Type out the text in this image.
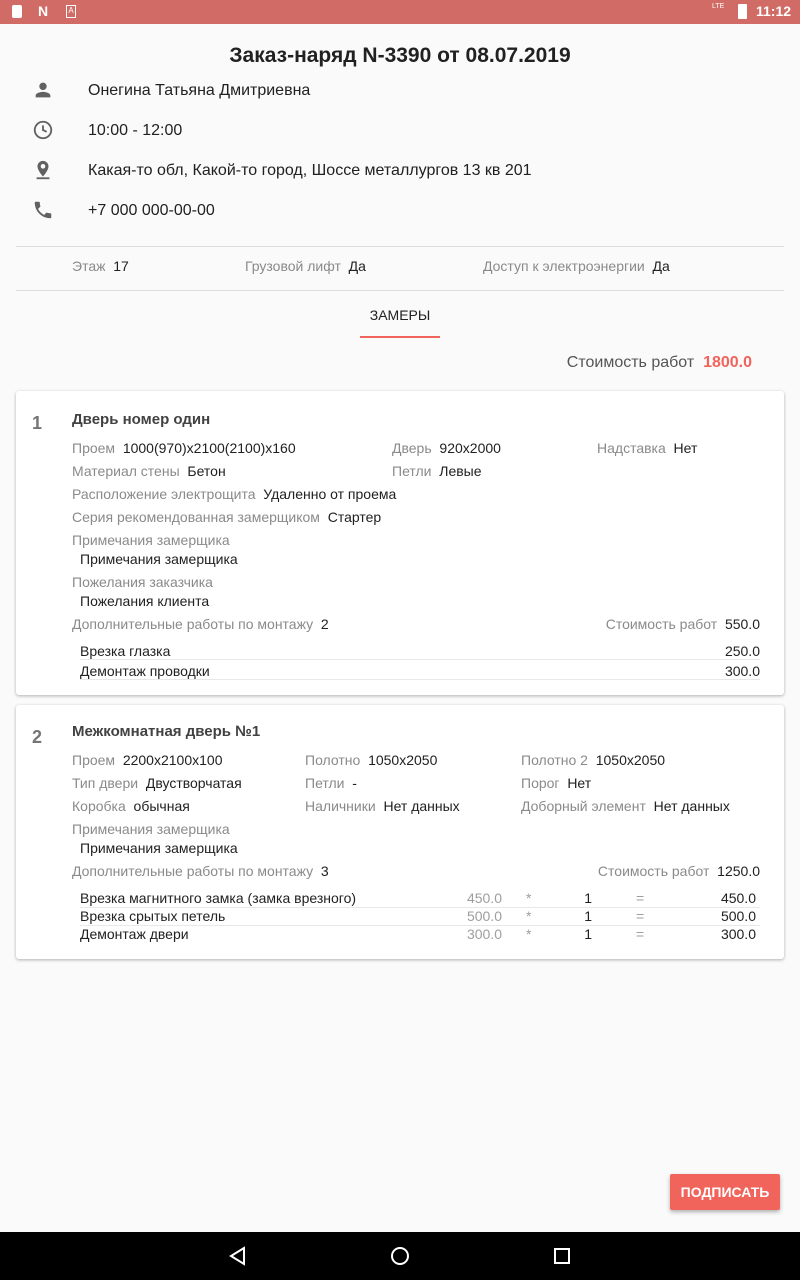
N	A	LTE 11:12
Заказ-наряд N-3390 от 08.07.2019
Онегина Татьяна Дмитриевна
10:00 - 12:00
Какая-то обл, Какой-то город, Шоссе металлургов 13 кв 201
+7 000 000-00-00
Этаж 17	Грузовой лифт Да	Доступ к электроэнергии Да
ЗАМЕРЫ
Стоимость работ 1800.0
1 Дверь номер один
Проем 1000(970)x2100(2100)x160	Дверь 920x2000	Надставка Нет
Материал стены Бетон	Петли Левые
Расположение электрощита Удаленно от проема
Серия рекомендованная замерщиком Стартер
Примечания замерщика
Примечания замерщика
Пожелания заказчика
Пожелания клиента
Дополнительные работы по монтажу 2	Стоимость работ 550.0
Врезка глазка	250.0
Демонтаж проводки	300.0
2 Межкомнатная дверь №1
Проем 2200x2100x100	Полотно 1050x2050	Полотно 2 1050x2050
Тип двери Двустворчатая	Петли -	Порог Нет
Коробка обычная	Наличники Нет данных	Доборный элемент Нет данных
Примечания замерщика
Примечания замерщика
Дополнительные работы по монтажу 3	Стоимость работ 1250.0
Врезка магнитного замка (замка врезного)	450.0 *	1	=	450.0
Врезка срытых петель	500.0 *	1	=	500.0
Демонтаж двери	300.0 *	1	=	300.0
ПОДПИСАТЬ
